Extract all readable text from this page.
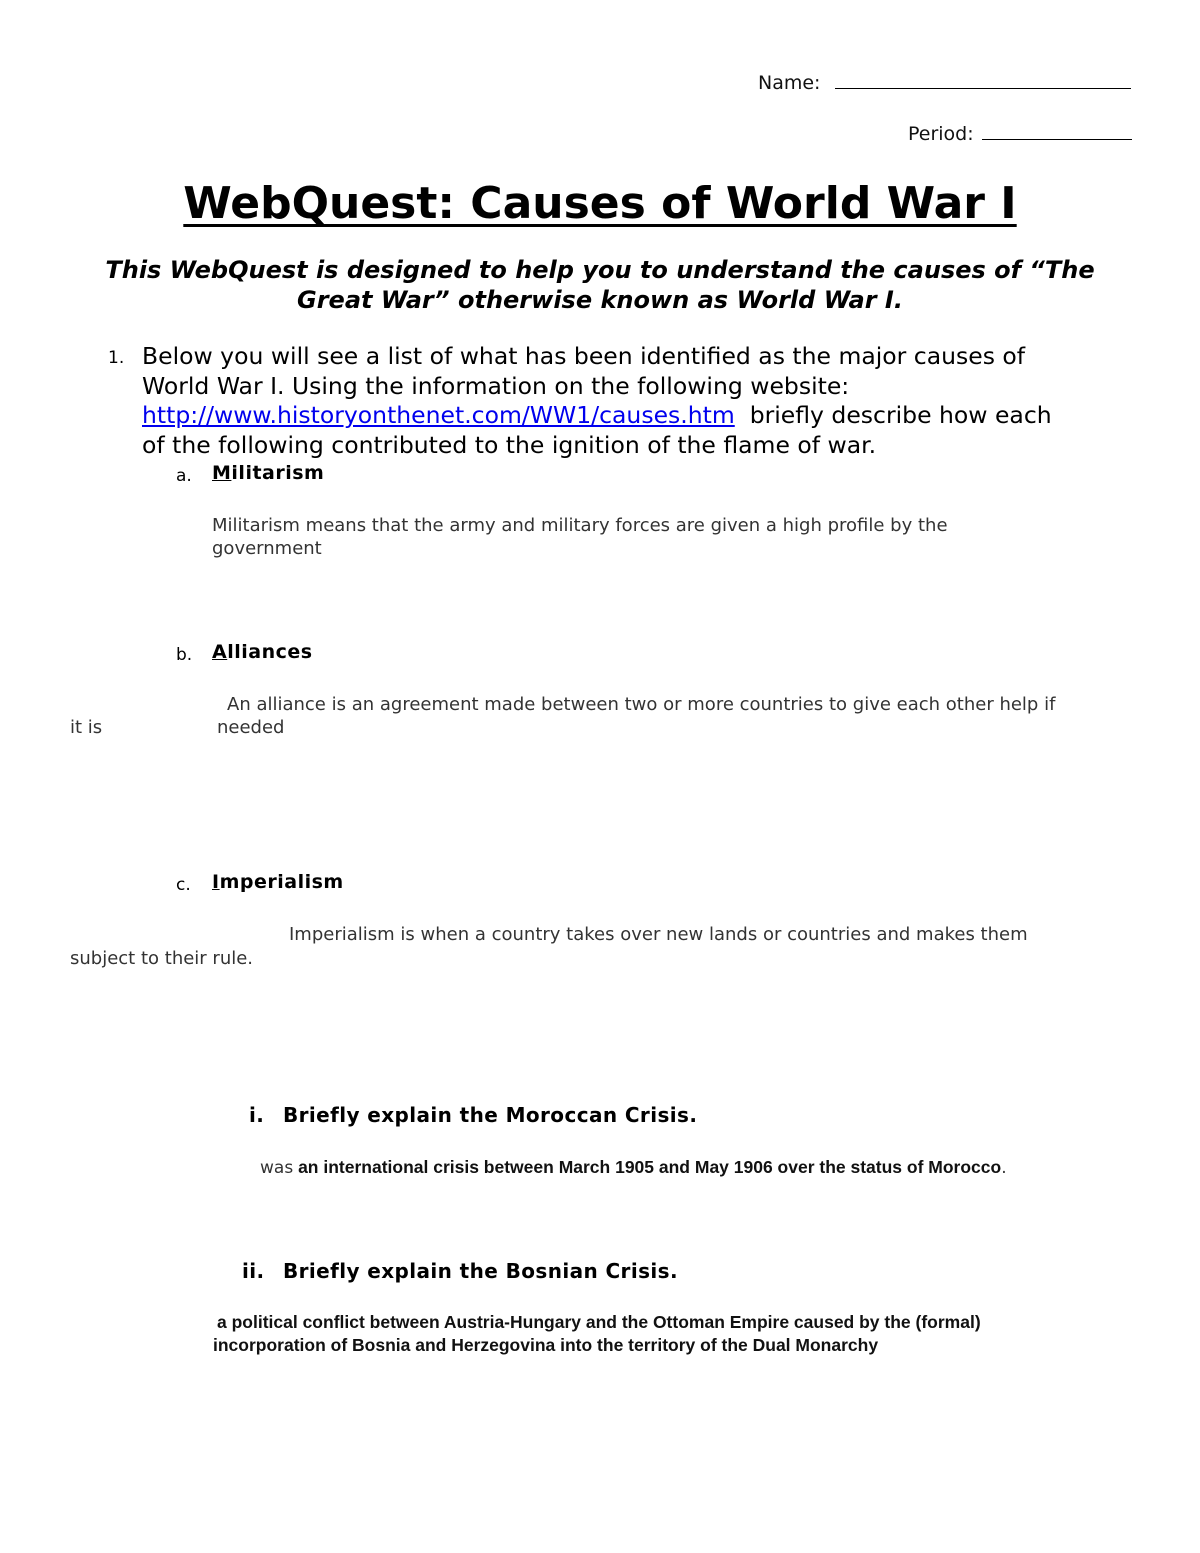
Name:
Period:
WebQuest: Causes of World War I
This WebQuest is designed to help you to understand the causes of “The
Great War” otherwise known as World War I.
1. Below you will see a list of what has been identified as the major causes of
World War I. Using the information on the following website:
http://www.historyonthenet.com/WW1/causes.htm  briefly describe how each
of the following contributed to the ignition of the flame of war.
a. Militarism
Militarism means that the army and military forces are given a high profile by the
government
b. Alliances
An alliance is an agreement made between two or more countries to give each other help if
it is	needed
c. Imperialism
Imperialism is when a country takes over new lands or countries and makes them
subject to their rule.
i. Briefly explain the Moroccan Crisis.
was an international crisis between March 1905 and May 1906 over the status of Morocco.
ii. Briefly explain the Bosnian Crisis.
a political conflict between Austria-Hungary and the Ottoman Empire caused by the (formal)
incorporation of Bosnia and Herzegovina into the territory of the Dual Monarchy
